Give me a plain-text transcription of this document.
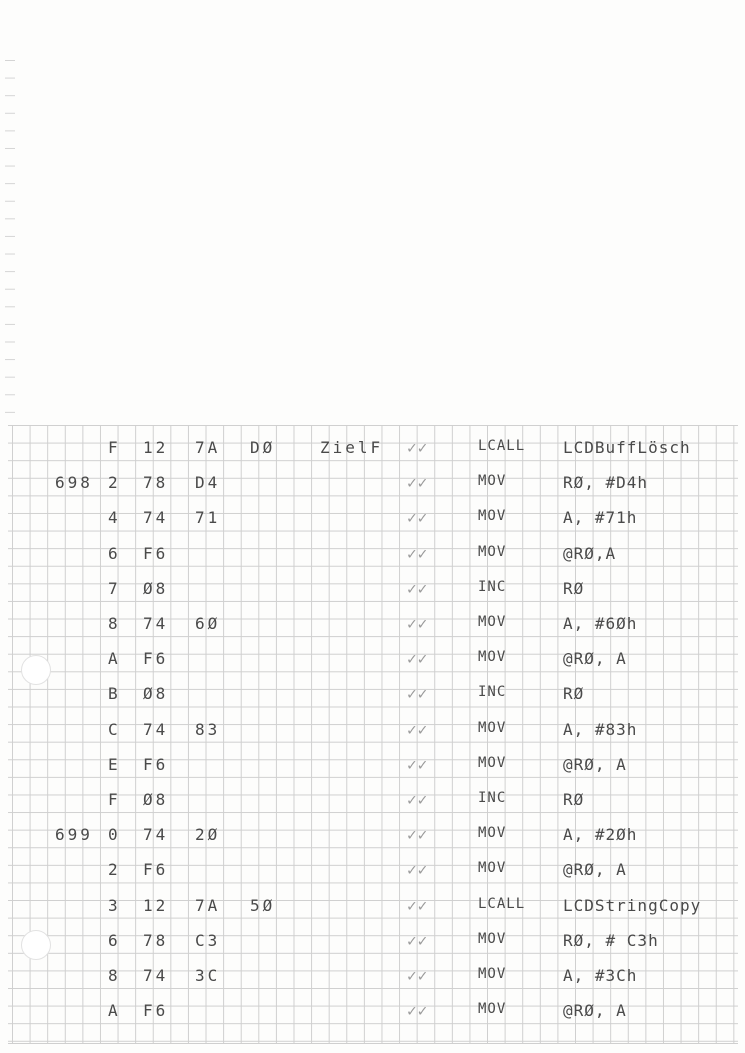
F 12 7A DØ	ZielF ✓✓	LCALL LCDBuffLösch
698 2 78 D4	✓✓	MOV	RØ, #D4h
4 74 71	✓✓	MOV	A, #71h
6 F6	✓✓	MOV	@RØ,A
7 Ø8	✓✓	INC	RØ
8 74 6Ø	✓✓	MOV	A, #6Øh
A F6	✓✓	MOV	@RØ, A
B Ø8	✓✓	INC	RØ
C 74 83	✓✓	MOV	A, #83h
E F6	✓✓	MOV	@RØ, A
F Ø8	✓✓	INC	RØ
699 0 74 2Ø	✓✓	MOV	A, #2Øh
2 F6	✓✓	MOV	@RØ, A
3 12 7A 5Ø	✓✓	LCALL LCDStringCopy
6 78 C3	✓✓	MOV	RØ, # C3h
8 74 3C	✓✓	MOV	A, #3Ch
A F6	✓✓	MOV	@RØ, A
